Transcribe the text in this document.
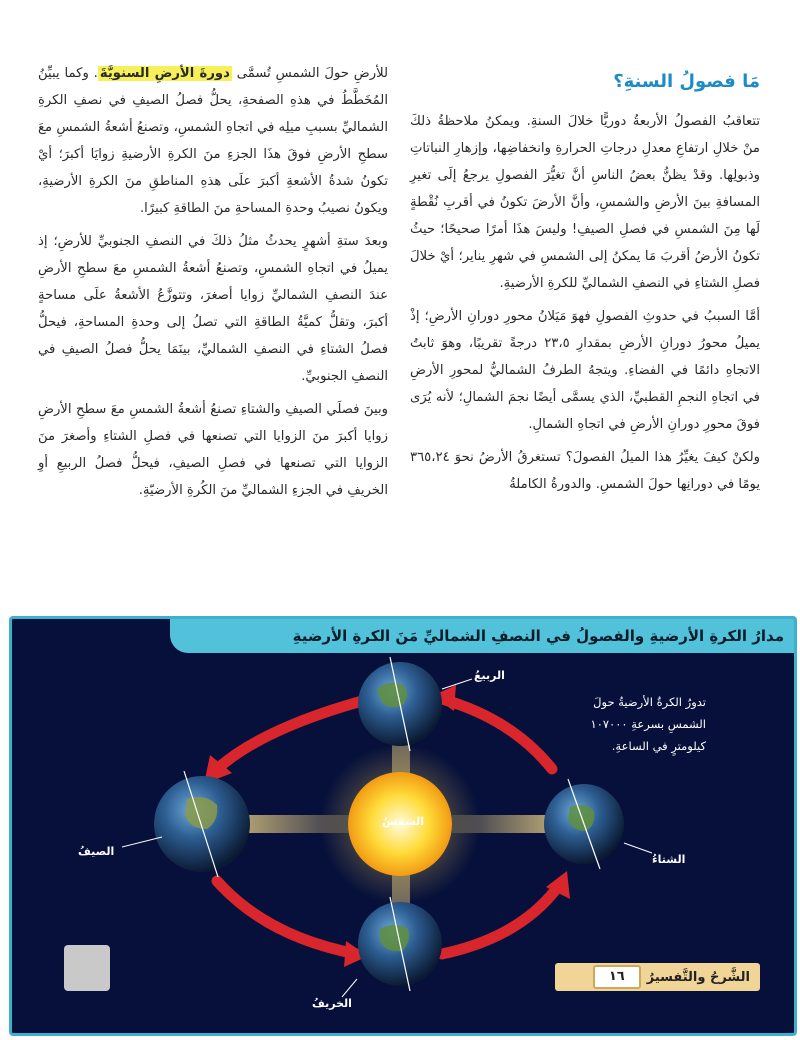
مَا فصولُ السنةِ؟

تتعاقبُ الفصولُ الأربعةُ دوريًّا خلالَ السنةِ. ويمكنُ ملاحظةُ ذلكَ منْ خلالِ ارتفاعِ معدلِ درجاتِ الحرارةِ وانخفاضِها، وإزهارِ النباتاتِ وذبولِها. وقدْ يظنُّ بعضُ الناسِ أنَّ تغيُّرَ الفصولِ يرجعُ إلَى تغيرِ المسافةِ بينَ الأرضِ والشمسِ، وأنَّ الأرضَ تكونُ في أقربِ نُقْطةٍ لَها مِنَ الشمسِ في فصلِ الصيفِ! وليسَ هذَا أمرًا صحيحًا؛ حيثُ تكونُ الأرضُ أقربَ مَا يمكنُ إلى الشمسِ في شهرِ يناير؛ أيْ خلالَ فصلِ الشتاءِ في النصفِ الشماليِّ للكرةِ الأرضيةِ.

أمَّا السببُ في حدوثِ الفصولِ فهوَ مَيَلانُ محورِ دورانِ الأرضِ؛ إذْ يميلُ محورُ دورانِ الأرضِ بمقدارِ ٢٣،٥ درجةً تقريبًا، وهوَ ثابتُ الاتجاهِ دائمًا في الفضاءِ. ويتجهُ الطرفُ الشماليُّ لمحورِ الأرضِ في اتجاهِ النجمِ القطبيِّ، الذي يسمَّى أيضًا نجمَ الشمالِ؛ لأنه يُرَى فوقَ محورِ دورانِ الأرضِ في اتجاهِ الشمالِ.

ولكنْ كيفَ يغيِّرُ هذا الميلُ الفصولَ؟ تستغرقُ الأرضُ نحوَ ٣٦٥،٢٤ يومًا في دورانِها حولَ الشمسِ. والدورةُ الكاملةُ

للأرضِ حولَ الشمسِ تُسمَّى دورةَ الأرضِ السنويَّةَ. وكما يبيِّنُ المُخَطَّطُ في هذهِ الصفحةِ، يحلُّ فصلُ الصيفِ في نصفِ الكرةِ الشماليِّ بسببِ ميلِه في اتجاهِ الشمسِ، وتصنعُ أشعةُ الشمسِ معَ سطحِ الأرضِ فوقَ هذَا الجزءِ منَ الكرةِ الأرضيةِ زوايَا أكبرَ؛ أيْ تكونُ شدةُ الأشعةِ أكبرَ علَى هذهِ المناطقِ منَ الكرةِ الأرضيةِ، ويكونُ نصيبُ وحدةِ المساحةِ منَ الطاقةِ كبيرًا.

وبعدَ ستةِ أشهرٍ يحدثُ مثلُ ذلكَ في النصفِ الجنوبيِّ للأرضِ؛ إذ يميلُ في اتجاهِ الشمسِ، وتصنعُ أشعةُ الشمسِ معَ سطحِ الأرضِ عندَ النصفِ الشماليِّ زوايا أصغرَ، وتتوزَّعُ الأشعةُ علَى مساحةٍ أكبرَ، وتقلُّ كميَّةُ الطاقةِ التي تصلُ إلى وحدةِ المساحةِ، فيحلُّ فصلُ الشتاءِ في النصفِ الشماليِّ، بينَمَا يحلُّ فصلُ الصيفِ في النصفِ الجنوبيِّ.

وبينَ فصلَي الصيفِ والشتاءِ تصنعُ أشعةُ الشمسِ معَ سطحِ الأرضِ زوايا أكبرَ منَ الزوايا التي تصنعها في فصلِ الشتاءِ وأصغرَ منَ الزوايا التي تصنعها في فصلِ الصيفِ، فيحلُّ فصلُ الربيعِ أوِ الخريفِ في الجزءِ الشماليِّ منَ الكُرةِ الأرضيّةِ.

مدارُ الكرةِ الأرضيةِ والفصولُ في النصفِ الشماليِّ مَنَ الكرةِ الأرضيةِ
الشمسُ
الربيعُ
الصيفُ
الشتاءُ
الخريفُ
تدورُ الكرةُ الأرضيةُ حولَ الشمسِ بسرعةِ ١٠٧٠٠٠ كيلومترٍ في الساعةِ.
الشَّرحُ والتَّفسيرُ
١٦
